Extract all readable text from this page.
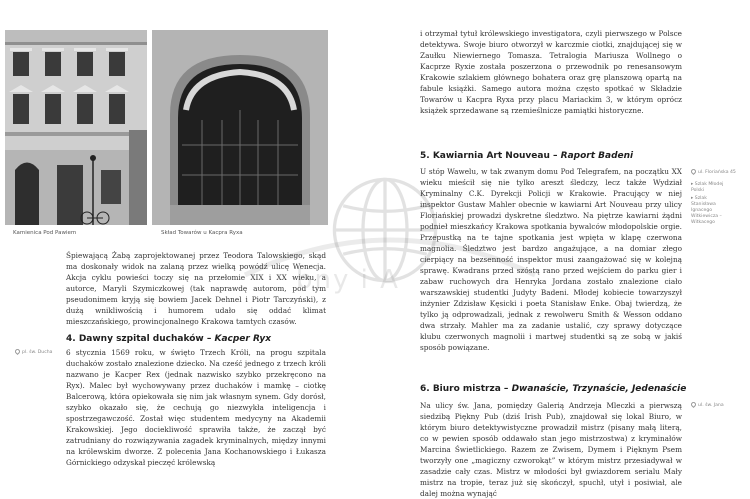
Kamienica Pod Pawiem	Skład Towarów u Kacpra Ryxa

Śpiewającą Żabą zaprojektowanej przez Teodora Talowskiego, skąd ma doskonały widok na zalaną przez wielką powódź ulicę Wenecja. Akcja cyklu powieści toczy się na przełomie XIX i XX wieku, a autorce, Maryli Szymiczkowej (tak naprawdę autorom, pod tym pseudonimem kryją się bowiem Jacek Dehnel i Piotr Tarczyński), z dużą wnikliwością i humorem udało się oddać klimat mieszczańskiego, prowincjonalnego Krakowa tamtych czasów.

4. Dawny szpital duchaków – Kacper Ryx

pl. św. Ducha	6 stycznia 1569 roku, w święto Trzech Króli, na progu szpitala duchaków zostało znalezione dziecko. Na cześć jednego z trzech króli nazwano je Kacper Rex (jednak nazwisko szybko przekręcono na Ryx). Malec był wychowywany przez duchaków i mamkę – ciotkę Balcerową, która opiekowała się nim jak własnym synem. Gdy dorósł, szybko okazało się, że cechują go niezwykła inteligencja i spostrzegawczość. Został więc studentem medycyny na Akademii Krakowskiej. Jego dociekliwość sprawiła także, że zaczął być zatrudniany do rozwiązywania zagadek kryminalnych, między innymi na królewskim dworze. Z polecenia Jana Kochanowskiego i Łukasza Górnickiego odzyskał pieczęć królewską

i otrzymał tytuł królewskiego investigatora, czyli pierwszego w Polsce detektywa. Swoje biuro otworzył w karczmie ciotki, znajdującej się w Zaułku Niewiernego Tomasza. Tetralogia Mariusza Wollnego o Kacprze Ryxie została poszerzona o przewodnik po renesansowym Krakowie szlakiem głównego bohatera oraz grę planszową opartą na fabule książki. Samego autora można często spotkać w Składzie Towarów u Kacpra Ryxa przy placu Mariackim 3, w którym oprócz książek sprzedawane są rzemieślnicze pamiątki historyczne.

5. Kawiarnia Art Nouveau – Raport Badeni

ul. Floriańska 45

▸ Szlak Młodej Polski

▸ Szlak Stanisława Ignacego Witkiewicza – Witkacego

U stóp Wawelu, w tak zwanym domu Pod Telegrafem, na początku XX wieku mieścił się nie tylko areszt śledczy, lecz także Wydział Kryminalny C.K. Dyrekcji Policji w Krakowie. Pracujący w niej inspektor Gustaw Mahler obecnie w kawiarni Art Nouveau przy ulicy Floriańskiej prowadzi dyskretne śledztwo. Na piętrze kawiarni żądni podnieł mieszkańcy Krakowa spotkania bywalców młodopolskie orgie. Przepustką na te tajne spotkania jest wpięta w klapę czerwona magnolia. Śledztwo jest bardzo angażujące, a na domiar złego cierpiący na bezsenność inspektor musi zaangażować się w kolejną sprawę. Kwadrans przed szóstą rano przed wejściem do parku gier i zabaw ruchowych dra Henryka Jordana zostało znalezione ciało warszawskiej studentki Judyty Badeni. Młodej kobiecie towarzyszył inżynier Zdzisław Kęsicki i poeta Stanisław Enke. Obaj twierdzą, że tylko ją odprowadzali, jednak z rewolweru Smith & Wesson oddano dwa strzały. Mahler ma za zadanie ustalić, czy sprawy dotyczące klubu czerwonych magnolii i martwej studentki są ze sobą w jakiś sposób powiązane.

6. Biuro mistrza – Dwanaście, Trzynaście, Jedenaście

ul. św. Jana

Na ulicy św. Jana, pomiędzy Galerią Andrzeja Mleczki a pierwszą siedzibą Piękny Pub (dziś Irish Pub), znajdował się lokal Biuro, w którym biuro detektywistyczne prowadził mistrz (pisany małą literą, co w pewien sposób oddawało stan jego mistrzostwa) z kryminałów Marcina Świetlickiego. Razem ze Zwisem, Dymem i Pięknym Psem tworzyły one „magiczny czworokąt” w którym mistrz przesiadywał w zasadzie cały czas. Mistrz w młodości był gwiazdorem serialu Mały mistrz na tropie, teraz już się skończył, spuchł, utył i posiwiał, ale dalej można wynająć

bny i A
